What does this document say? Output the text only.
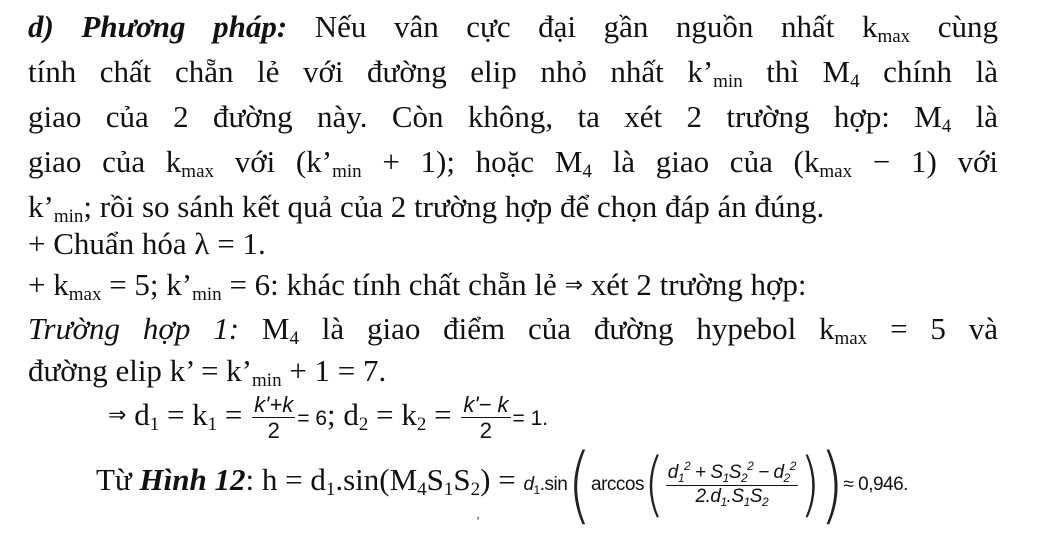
d) Phương pháp: Nếu vân cực đại gần nguồn nhất $k_{max}$ cùng
tính chất chẵn lẻ với đường elip nhỏ nhất $k’_{min}$ thì $M_4$ chính là
giao của 2 đường này. Còn không, ta xét 2 trường hợp: $M_4$ là
giao của $k_{max}$ với $(k’_{min} + 1)$; hoặc $M_4$ là giao của $(k_{max} - 1)$ với
$k’_{min}$; rồi so sánh kết quả của 2 trường hợp để chọn đáp án đúng.
+ Chuẩn hóa λ = 1.
+ $k_{max} = 5$; $k’_{min} = 6$: khác tính chất chẵn lẻ ⇒ xét 2 trường hợp:
Trường hợp 1: $M_4$ là giao điểm của đường hypebol $k_{max} = 5$ và
đường elip k’ = $k’_{min} + 1 = 7$.
⇒ $d_1 = k_1 = \frac{k'+k}{2} = 6$; $d_2 = k_2 = \frac{k'- k}{2} = 1$.
Từ Hình 12: $h = d_1.\sin(M_4S_1S_2) = d_1.\sin(\arccos( \frac{d_1^2 + S_1S_2^2 - d_2^2}{2.d_1.S_1S_2}$ ))≈ 0,946.
ʼ
